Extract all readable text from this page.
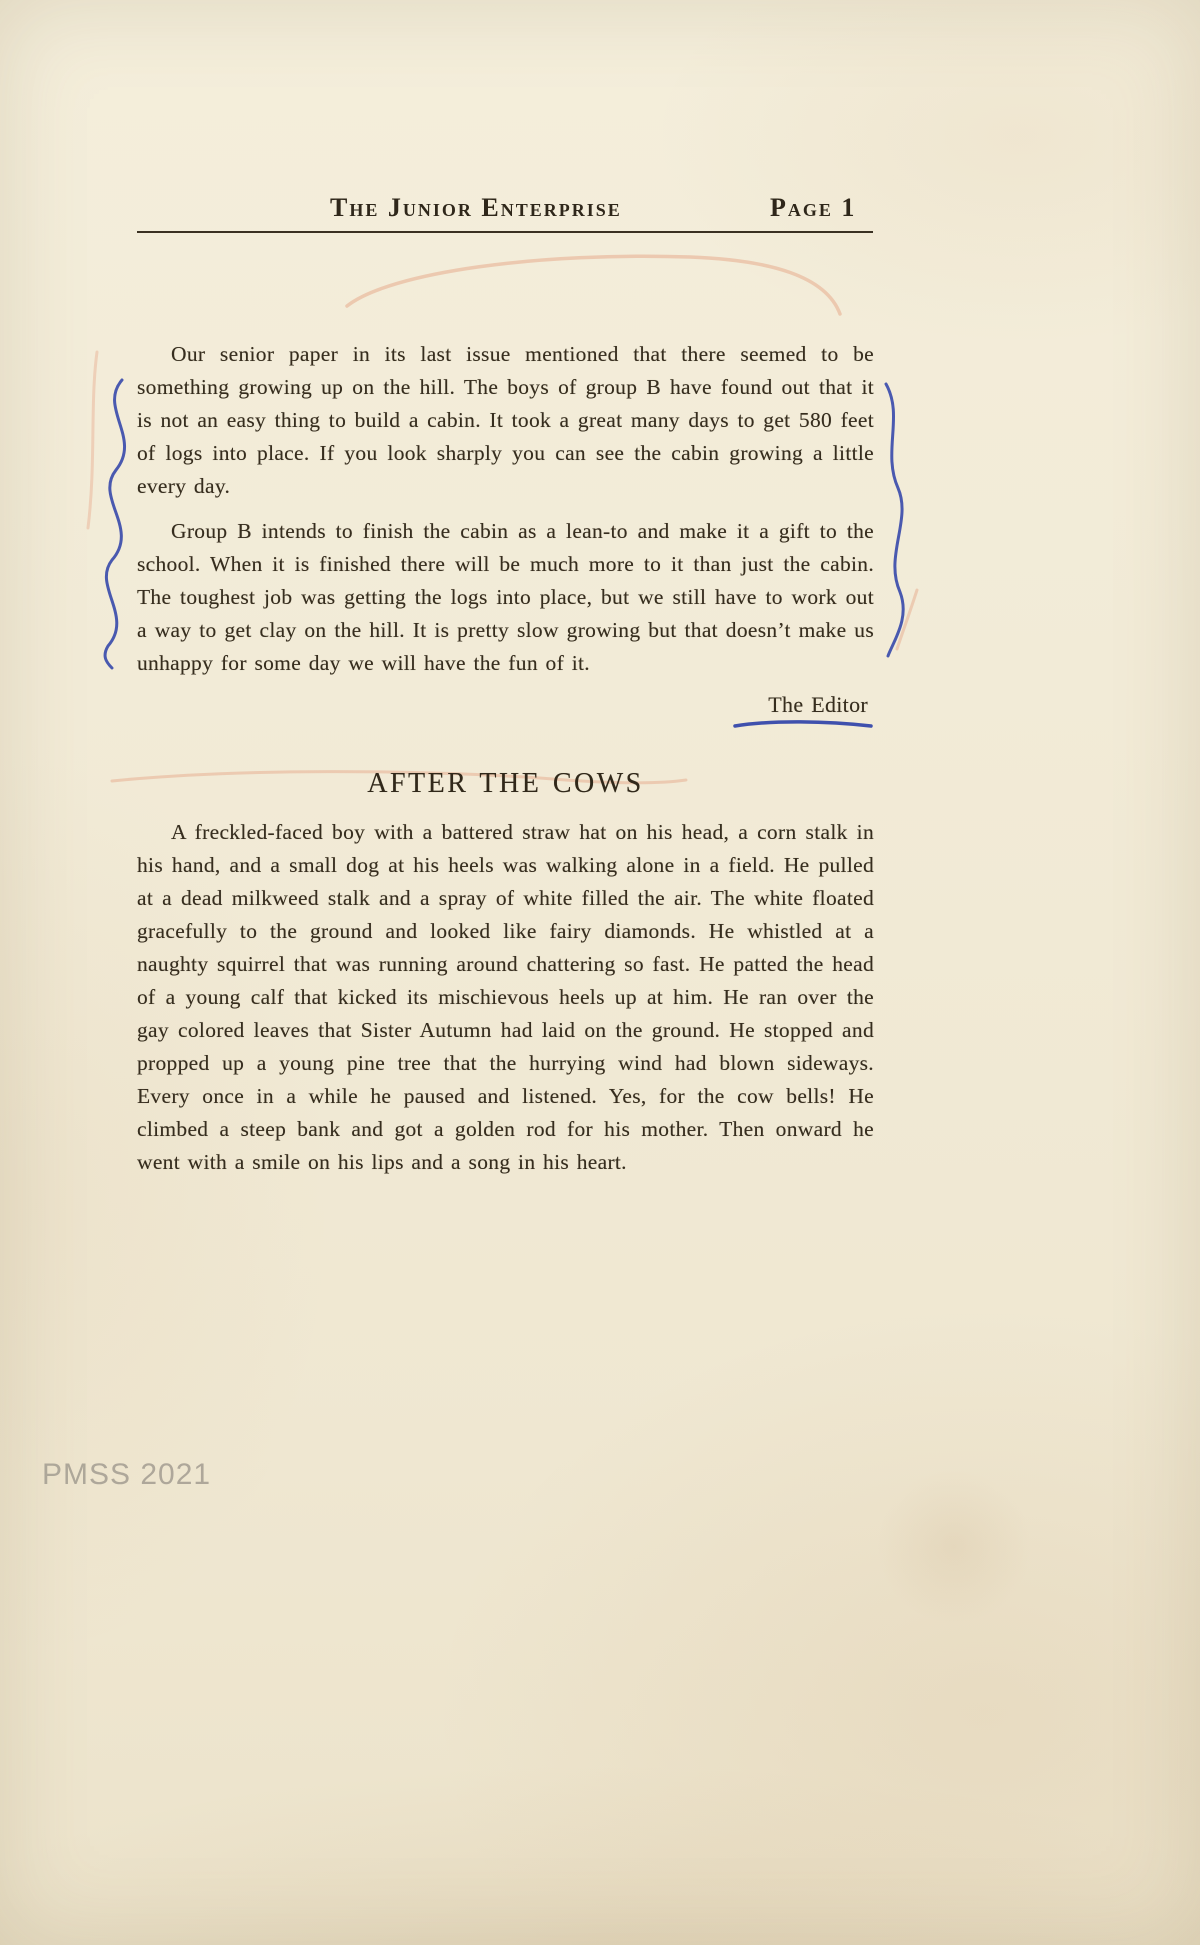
The Junior Enterprise	Page 1

Our senior paper in its last issue mentioned that there seemed to be something growing up on the hill. The boys of group B have found out that it is not an easy thing to build a cabin. It took a great many days to get 580 feet of logs into place. If you look sharply you can see the cabin growing a little every day.

Group B intends to finish the cabin as a lean-to and make it a gift to the school. When it is finished there will be much more to it than just the cabin. The toughest job was getting the logs into place, but we still have to work out a way to get clay on the hill. It is pretty slow growing but that doesn’t make us unhappy for some day we will have the fun of it.

The Editor
AFTER THE COWS

A freckled-faced boy with a battered straw hat on his head, a corn stalk in his hand, and a small dog at his heels was walking alone in a field. He pulled at a dead milkweed stalk and a spray of white filled the air. The white floated gracefully to the ground and looked like fairy diamonds. He whistled at a naughty squirrel that was running around chattering so fast. He patted the head of a young calf that kicked its mischievous heels up at him. He ran over the gay colored leaves that Sister Autumn had laid on the ground. He stopped and propped up a young pine tree that the hurrying wind had blown sideways. Every once in a while he paused and listened. Yes, for the cow bells! He climbed a steep bank and got a golden rod for his mother. Then onward he went with a smile on his lips and a song in his heart.

PMSS 2021
